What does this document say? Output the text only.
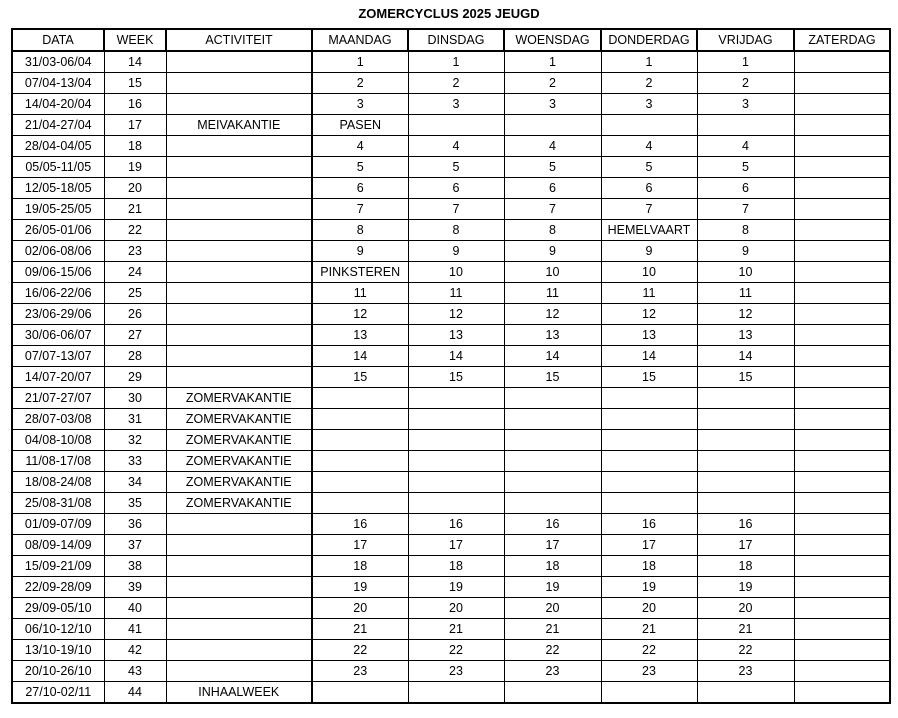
ZOMERCYCLUS 2025 JEUGD
DATA	WEEK	ACTIVITEIT	MAANDAG	DINSDAG	WOENSDAG	DONDERDAG	VRIJDAG	ZATERDAG
31/03-06/04	14		1	1	1	1	1	
07/04-13/04	15		2	2	2	2	2	
14/04-20/04	16		3	3	3	3	3	
21/04-27/04	17	MEIVAKANTIE	PASEN					
28/04-04/05	18		4	4	4	4	4	
05/05-11/05	19		5	5	5	5	5	
12/05-18/05	20		6	6	6	6	6	
19/05-25/05	21		7	7	7	7	7	
26/05-01/06	22		8	8	8	HEMELVAART	8	
02/06-08/06	23		9	9	9	9	9	
09/06-15/06	24		PINKSTEREN	10	10	10	10	
16/06-22/06	25		11	11	11	11	11	
23/06-29/06	26		12	12	12	12	12	
30/06-06/07	27		13	13	13	13	13	
07/07-13/07	28		14	14	14	14	14	
14/07-20/07	29		15	15	15	15	15	
21/07-27/07	30	ZOMERVAKANTIE						
28/07-03/08	31	ZOMERVAKANTIE						
04/08-10/08	32	ZOMERVAKANTIE						
11/08-17/08	33	ZOMERVAKANTIE						
18/08-24/08	34	ZOMERVAKANTIE						
25/08-31/08	35	ZOMERVAKANTIE						
01/09-07/09	36		16	16	16	16	16	
08/09-14/09	37		17	17	17	17	17	
15/09-21/09	38		18	18	18	18	18	
22/09-28/09	39		19	19	19	19	19	
29/09-05/10	40		20	20	20	20	20	
06/10-12/10	41		21	21	21	21	21	
13/10-19/10	42		22	22	22	22	22	
20/10-26/10	43		23	23	23	23	23	
27/10-02/11	44	INHAALWEEK						
